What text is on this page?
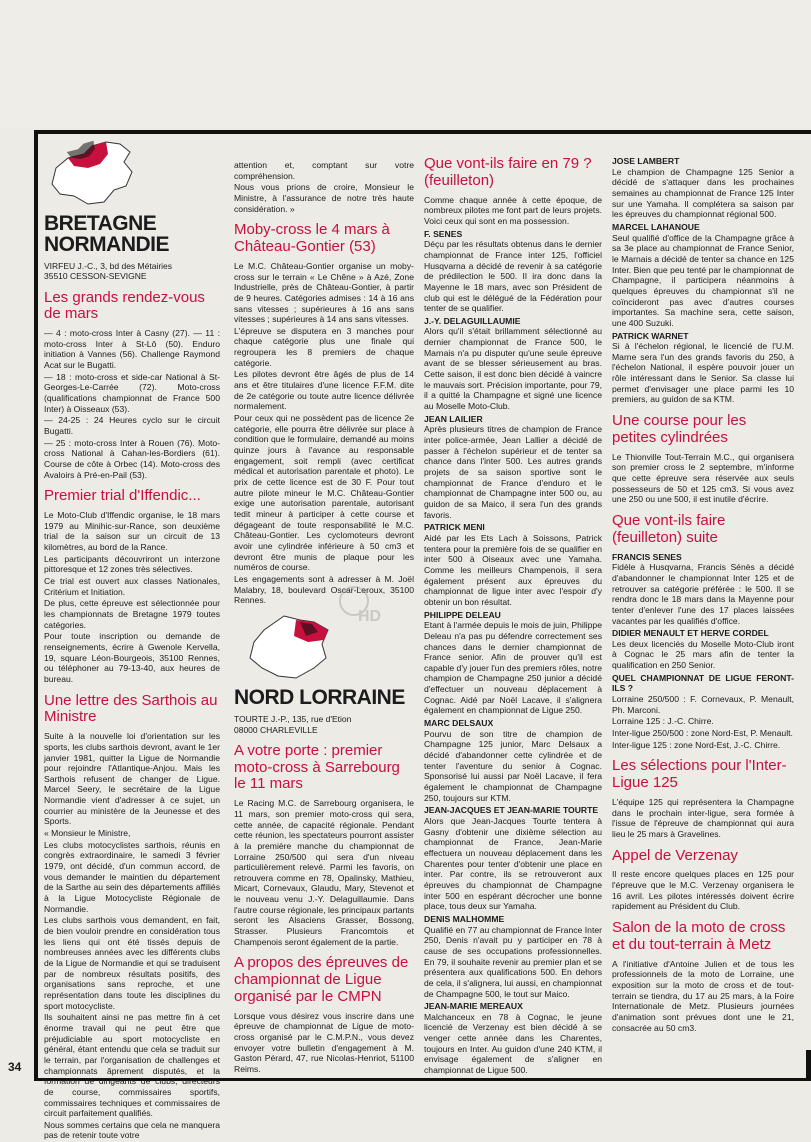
34
BRETAGNE
NORMANDIE
VIRFEU J.-C., 3, bd des Métairies
35510 CESSON-SEVIGNE
Les grands rendez-vous de mars

— 4 : moto-cross Inter à Casny (27). — 11 : moto-cross Inter à St-Lô (50). Enduro initiation à Vannes (56). Challenge Raymond Acat sur le Bugatti.

— 18 : moto-cross et side-car National à St-Georges-Le-Carrée (72). Moto-cross (qualifications championnat de France 500 Inter) à Oisseaux (53).

— 24-25 : 24 Heures cyclo sur le circuit Bugatti.

— 25 : moto-cross Inter à Rouen (76). Moto-cross National à Cahan-les-Bordiers (61). Course de côte à Orbec (14). Moto-cross des Avaloirs à Pré-en-Pail (53).

Premier trial d'Iffendic...

Le Moto-Club d'Iffendic organise, le 18 mars 1979 au Minihic-sur-Rance, son deuxième trial de la saison sur un circuit de 13 kilomètres, au bord de la Rance.

Les participants découvriront un interzone pittoresque et 12 zones très sélectives.

Ce trial est ouvert aux classes Nationales, Critérium et Initiation.

De plus, cette épreuve est sélectionnée pour les championnats de Bretagne 1979 toutes catégories.

Pour toute inscription ou demande de renseignements, écrire à Gwenole Kervella, 19, square Léon-Bourgeois, 35100 Rennes, ou téléphoner au 79-13-40, aux heures de bureau.

Une lettre des Sarthois au Ministre

Suite à la nouvelle loi d'orientation sur les sports, les clubs sarthois devront, avant le 1er janvier 1981, quitter la Ligue de Normandie pour rejoindre l'Atlantique-Anjou. Mais les Sarthois refusent de changer de Ligue. Marcel Seery, le secrétaire de la Ligue Normandie vient d'adresser à ce sujet, un courrier au ministère de la Jeunesse et des Sports.

« Monsieur le Ministre,

Les clubs motocyclistes sarthois, réunis en congrès extraordinaire, le samedi 3 février 1979, ont décidé, d'un commun accord, de vous demander le maintien du département de la Sarthe au sein des départements affiliés à la Ligue Motocycliste Régionale de Normandie.

Les clubs sarthois vous demandent, en fait, de bien vouloir prendre en considération tous les liens qui ont été tissés depuis de nombreuses années avec les différents clubs de la Ligue de Normandie et qui se traduisent par de nombreux résultats positifs, des organisations sans reproche, et une représentation dans toute les disciplines du sport motocycliste.

Ils souhaitent ainsi ne pas mettre fin à cet énorme travail qui ne peut être que préjudiciable au sport motocycliste en général, étant entendu que cela se traduit sur le terrain, par l'organisation de challenges et championnats âprement disputés, et la formation de dirigeants de clubs, directeurs de course, commissaires sportifs, commissaires techniques et commissaires de circuit parfaitement qualifiés.

Nous sommes certains que cela ne manquera pas de retenir toute votre

attention et, comptant sur votre compréhension.

Nous vous prions de croire, Monsieur le Ministre, à l'assurance de notre très haute considération. »

Moby-cross le 4 mars à Château-Gontier (53)

Le M.C. Château-Gontier organise un moby-cross sur le terrain « Le Chêne » à Azé, Zone Industrielle, près de Château-Gontier, à partir de 9 heures. Catégories admises : 14 à 16 ans sans vitesses ; supérieures à 16 ans sans vitesses ; supérieures à 14 ans sans vitesses.

L'épreuve se disputera en 3 manches pour chaque catégorie plus une finale qui regroupera les 8 premiers de chaque catégorie.

Les pilotes devront être âgés de plus de 14 ans et être titulaires d'une licence F.F.M. dite de 2e catégorie ou toute autre licence délivrée normalement.

Pour ceux qui ne possèdent pas de licence 2e catégorie, elle pourra être délivrée sur place à condition que le formulaire, demandé au moins quinze jours à l'avance au responsable engagement, soit rempli (avec certificat médical et autorisation parentale et photo). Le prix de cette licence est de 30 F. Pour tout autre pilote mineur le M.C. Château-Gontier exige une autorisation parentale, autorisant tedit mineur à participer à cette course et dégageant de toute responsabilité le M.C. Château-Gontier. Les cyclomoteurs devront avoir une cylindrée inférieure à 50 cm3 et devront être munis de plaque pour les numéros de course.

Les engagements sont à adresser à M. Joël Malabry, 18, boulevard Oscar-Leroux, 35100 Rennes.

NORD LORRAINE
TOURTE J.-P., 135, rue d'Etion
08000 CHARLEVILLE
A votre porte : premier moto-cross à Sarrebourg le 11 mars

Le Racing M.C. de Sarrebourg organisera, le 11 mars, son premier moto-cross qui sera, cette année, de capacité régionale. Pendant cette réunion, les spectateurs pourront assister à la première manche du championnat de Lorraine 250/500 qui sera d'un niveau particulièrement relevé. Parmi les favoris, on retrouvera comme en 78, Opalinsky, Mathieu, Micart, Cornevaux, Glaudu, Mary, Stevenot et le nouveau venu J.-Y. Delaguillaumie. Dans l'autre course régionale, les principaux partants seront les Alsaciens Grasser, Bossong, Strasser. Plusieurs Francomtois et Champenois seront également de la partie.

A propos des épreuves de championnat de Ligue organisé par le CMPN

Lorsque vous désirez vous inscrire dans une épreuve de championnat de Ligue de moto-cross organisé par le C.M.P.N., vous devez envoyer votre bulletin d'engagement à M. Gaston Pérard, 47, rue Nicolas-Henriot, 51100 Reims.

Que vont-ils faire en 79 ? (feuilleton)

Comme chaque année à cette époque, de nombreux pilotes me font part de leurs projets. Voici ceux qui sont en ma possession.

F. SENES

Déçu par les résultats obtenus dans le dernier championnat de France inter 125, l'officiel Husqvarna a décidé de revenir à sa catégorie de prédilection le 500. Il ira donc dans la Mayenne le 18 mars, avec son Président de club qui est le délégué de la Fédération pour tenter de se qualifier.

J.-Y. DELAGUILLAUMIE

Alors qu'il s'était brillamment sélectionné au dernier championnat de France 500, le Marnais n'a pu disputer qu'une seule épreuve avant de se blesser sérieusement au bras. Cette saison, il est donc bien décidé à vaincre le mauvais sort. Précision importante, pour 79, il a quitté la Champagne et signé une licence au Moselle Moto-Club.

JEAN LAILIER

Après plusieurs titres de champion de France inter police-armée, Jean Lallier a décidé de passer à l'échelon supérieur et de tenter sa chance dans l'inter 500. Les autres grands projets de sa saison sportive sont le championnat de France d'enduro et le championnat de Champagne inter 500 ou, au guidon de sa Maico, il sera l'un des grands favoris.

PATRICK MENI

Aidé par les Ets Lach à Soissons, Patrick tentera pour la première fois de se qualifier en inter 500 à Oiseaux avec une Yamaha. Comme les meilleurs Champenois, il sera également présent aux épreuves du championnat de ligue inter avec l'espoir d'y obtenir un bon résultat.

PHILIPPE DELEAU

Etant à l'armée depuis le mois de juin, Philippe Deleau n'a pas pu défendre correctement ses chances dans le dernier championnat de France senior. Afin de prouver qu'il est capable d'y jouer l'un des premiers rôles, notre champion de Champagne 250 junior a décidé d'effectuer un nouveau déplacement à Cognac. Aidé par Noël Lacave, il s'alignera également en championnat de Ligue 250.

MARC DELSAUX

Pourvu de son titre de champion de Champagne 125 junior, Marc Delsaux a décidé d'abandonner cette cylindrée et de tenter l'aventure du senior à Cognac. Sponsorisé lui aussi par Noël Lacave, il fera également le championnat de Champagne 250, toujours sur KTM.

JEAN-JACQUES ET JEAN-MARIE TOURTE

Alors que Jean-Jacques Tourte tentera à Gasny d'obtenir une dixième sélection au championnat de France, Jean-Marie effectuera un nouveau déplacement dans les Charentes pour tenter d'obtenir une place en inter. Par contre, ils se retrouveront aux épreuves du championnat de Champagne inter 500 en espérant décrocher une bonne place, tous deux sur Yamaha.

DENIS MALHOMME

Qualifié en 77 au championnat de France Inter 250, Denis n'avait pu y participer en 78 à cause de ses occupations professionnelles. En 79, il souhaite revenir au premier plan et se présentera aux qualifications 500. En dehors de cela, il s'alignera, lui aussi, en championnat de Champagne 500, le tout sur Maico.

JEAN-MARIE MEREAUX

Malchanceux en 78 à Cognac, le jeune licencié de Verzenay est bien décidé à se venger cette année dans les Charentes, toujours en Inter. Au guidon d'une 240 KTM, il envisage également de s'aligner en championnat de Ligue 500.

JOSE LAMBERT

Le champion de Champagne 125 Senior a décidé de s'attaquer dans les prochaines semaines au championnat de France 125 Inter sur une Yamaha. Il complétera sa saison par les épreuves du championnat régional 500.

MARCEL LAHANOUE

Seul qualifié d'office de la Champagne grâce à sa 3e place au championnat de France Senior, le Marnais a décidé de tenter sa chance en 125 Inter. Bien que peu tenté par le championnat de Champagne, il participera néanmoins à quelques épreuves du championnat s'il ne coïncideront pas avec d'autres courses importantes. Sa machine sera, cette saison, une 400 Suzuki.

PATRICK WARNET

Si à l'échelon régional, le licencié de l'U.M. Marne sera l'un des grands favoris du 250, à l'échelon National, il espère pouvoir jouer un rôle intéressant dans le Senior. Sa classe lui permet d'envisager une place parmi les 10 premiers, au guidon de sa KTM.

Une course pour les petites cylindrées

Le Thionville Tout-Terrain M.C., qui organisera son premier cross le 2 septembre, m'informe que cette épreuve sera réservée aux seuls possesseurs de 50 et 125 cm3. Si vous avez une 250 ou une 500, il est inutile d'écrire.

Que vont-ils faire (feuilleton) suite
FRANCIS SENES

Fidèle à Husqvarna, Francis Sénès a décidé d'abandonner le championnat Inter 125 et de retrouver sa catégorie préférée : le 500. Il se rendra donc le 18 mars dans la Mayenne pour tenter d'enlever l'une des 17 places laissées vacantes par les qualifiés d'office.

DIDIER MENAULT ET HERVE CORDEL

Les deux licenciés du Moselle Moto-Club iront à Cognac le 25 mars afin de tenter la qualification en 250 Senior.

QUEL CHAMPIONNAT DE LIGUE FERONT-ILS ?

Lorraine 250/500 : F. Cornevaux, P. Menault, Ph. Marconi.

Lorraine 125 : J.-C. Chirre.

Inter-ligue 250/500 : zone Nord-Est, P. Menault.

Inter-ligue 125 : zone Nord-Est, J.-C. Chirre.

Les sélections pour l'Inter-Ligue 125

L'équipe 125 qui représentera la Champagne dans le prochain inter-ligue, sera formée à l'issue de l'épreuve de championnat qui aura lieu le 25 mars à Gravelines.

Appel de Verzenay

Il reste encore quelques places en 125 pour l'épreuve que le M.C. Verzenay organisera le 16 avril. Les pilotes intéressés doivent écrire rapidement au Président du Club.

Salon de la moto de cross et du tout-terrain à Metz

A l'initiative d'Antoine Julien et de tous les professionnels de la moto de Lorraine, une exposition sur la moto de cross et de tout-terrain se tiendra, du 17 au 25 mars, à la Foire Internationale de Metz. Plusieurs journées d'animation sont prévues dont une le 21, consacrée au 50 cm3.

HD
